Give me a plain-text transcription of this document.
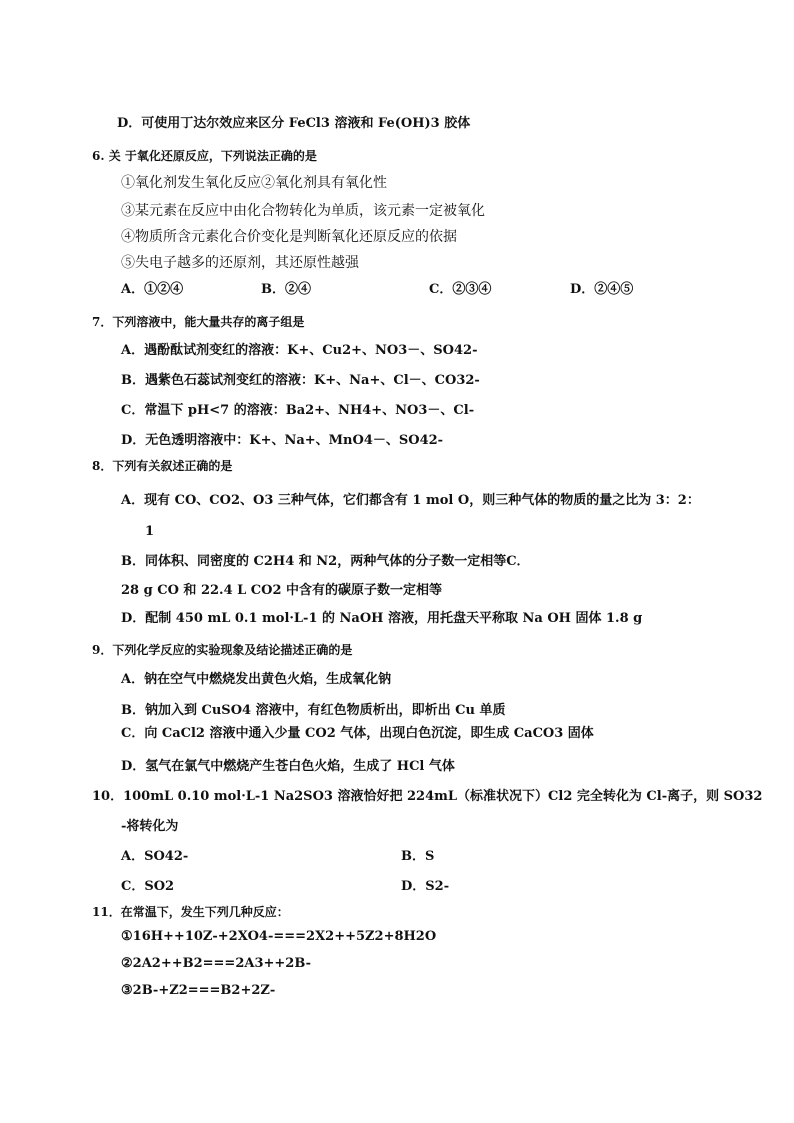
D．可使用丁达尔效应来区分 FeCl3 溶液和 Fe(OH)3 胶体
6. 关 于氧化还原反应，下列说法正确的是
①氧化剂发生氧化反应②氧化剂具有氧化性
③某元素在反应中由化合物转化为单质，该元素一定被氧化
④物质所含元素化合价变化是判断氧化还原反应的依据
⑤失电子越多的还原剂，其还原性越强
A．①②④	B．②④	C．②③④	D．②④⑤
7．下列溶液中，能大量共存的离子组是
A．遇酚酞试剂变红的溶液：K+、Cu2+、NO3－、SO42-
B．遇紫色石蕊试剂变红的溶液：K+、Na+、Cl－、CO32-
C．常温下 pH<7 的溶液：Ba2+、NH4+、NO3－、Cl-
D．无色透明溶液中：K+、Na+、MnO4－、SO42-
8．下列有关叙述正确的是
A．现有 CO、CO2、O3 三种气体，它们都含有 1 mol O，则三种气体的物质的量之比为 3：2：
1
B．同体积、同密度的 C2H4 和 N2，两种气体的分子数一定相等C．
28 g CO 和 22.4 L CO2 中含有的碳原子数一定相等
D．配制 450 mL 0.1 mol·L-1 的 NaOH 溶液，用托盘天平称取 Na OH 固体 1.8 g
9．下列化学反应的实验现象及结论描述正确的是
A．钠在空气中燃烧发出黄色火焰，生成氧化钠
B．钠加入到 CuSO4 溶液中，有红色物质析出，即析出 Cu 单质
C．向 CaCl2 溶液中通入少量 CO2 气体，出现白色沉淀，即生成 CaCO3 固体
D．氢气在氯气中燃烧产生苍白色火焰，生成了 HCl 气体
10．100mL 0.10 mol·L-1 Na2SO3 溶液恰好把 224mL（标准状况下）Cl2 完全转化为 Cl-离子，则 SO32
-将转化为
A．SO42-	B．S
C．SO2	D．S2-
11．在常温下，发生下列几种反应：
①16H++10Z-+2XO4-===2X2++5Z2+8H2O
②2A2++B2===2A3++2B-
③2B-+Z2===B2+2Z-
